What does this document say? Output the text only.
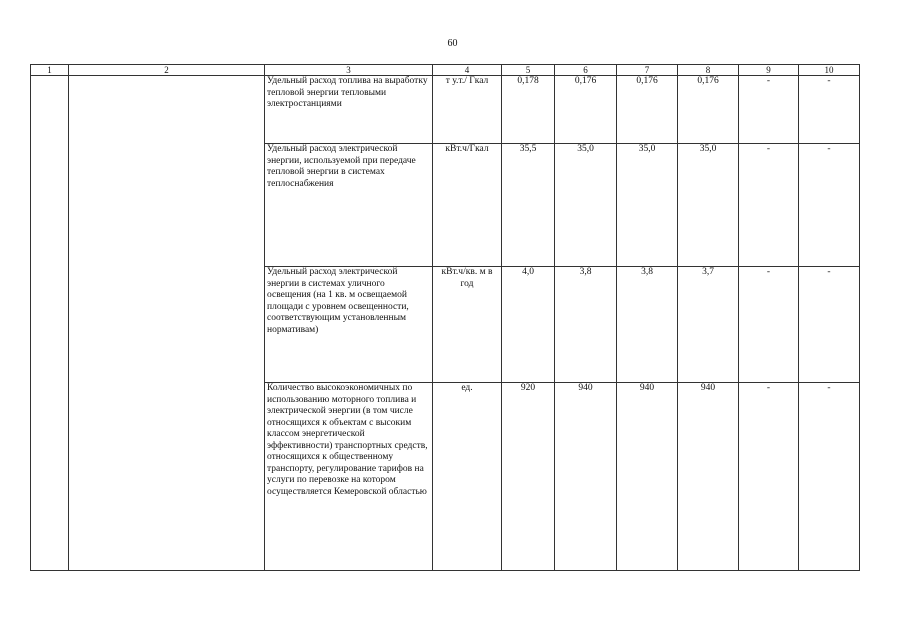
60
1	2	3	4	5	6	7	8	9	10
		Удельный расход топлива на выработку тепловой энергии тепловыми электростанциями	т у.т./ Гкал	0,178	0,176	0,176	0,176	-	-
		Удельный расход электрической энергии, используемой при передаче тепловой энергии в системах теплоснабжения	кВт.ч/Гкал	35,5	35,0	35,0	35,0	-	-
		Удельный расход электрической энергии в системах уличного освещения (на 1 кв. м освещаемой площади с уровнем освещенности, соответствующим установленным нормативам)	кВт.ч/кв. м в год	4,0	3,8	3,8	3,7	-	-
		Количество высокоэкономичных по использованию моторного топлива и электрической энергии (в том числе относящихся к объектам с высоким классом энергетической эффективности) транспортных средств, относящихся к общественному транспорту, регулирование тарифов на услуги по перевозке на котором осуществляется Кемеровской областью	ед.	920	940	940	940	-	-
